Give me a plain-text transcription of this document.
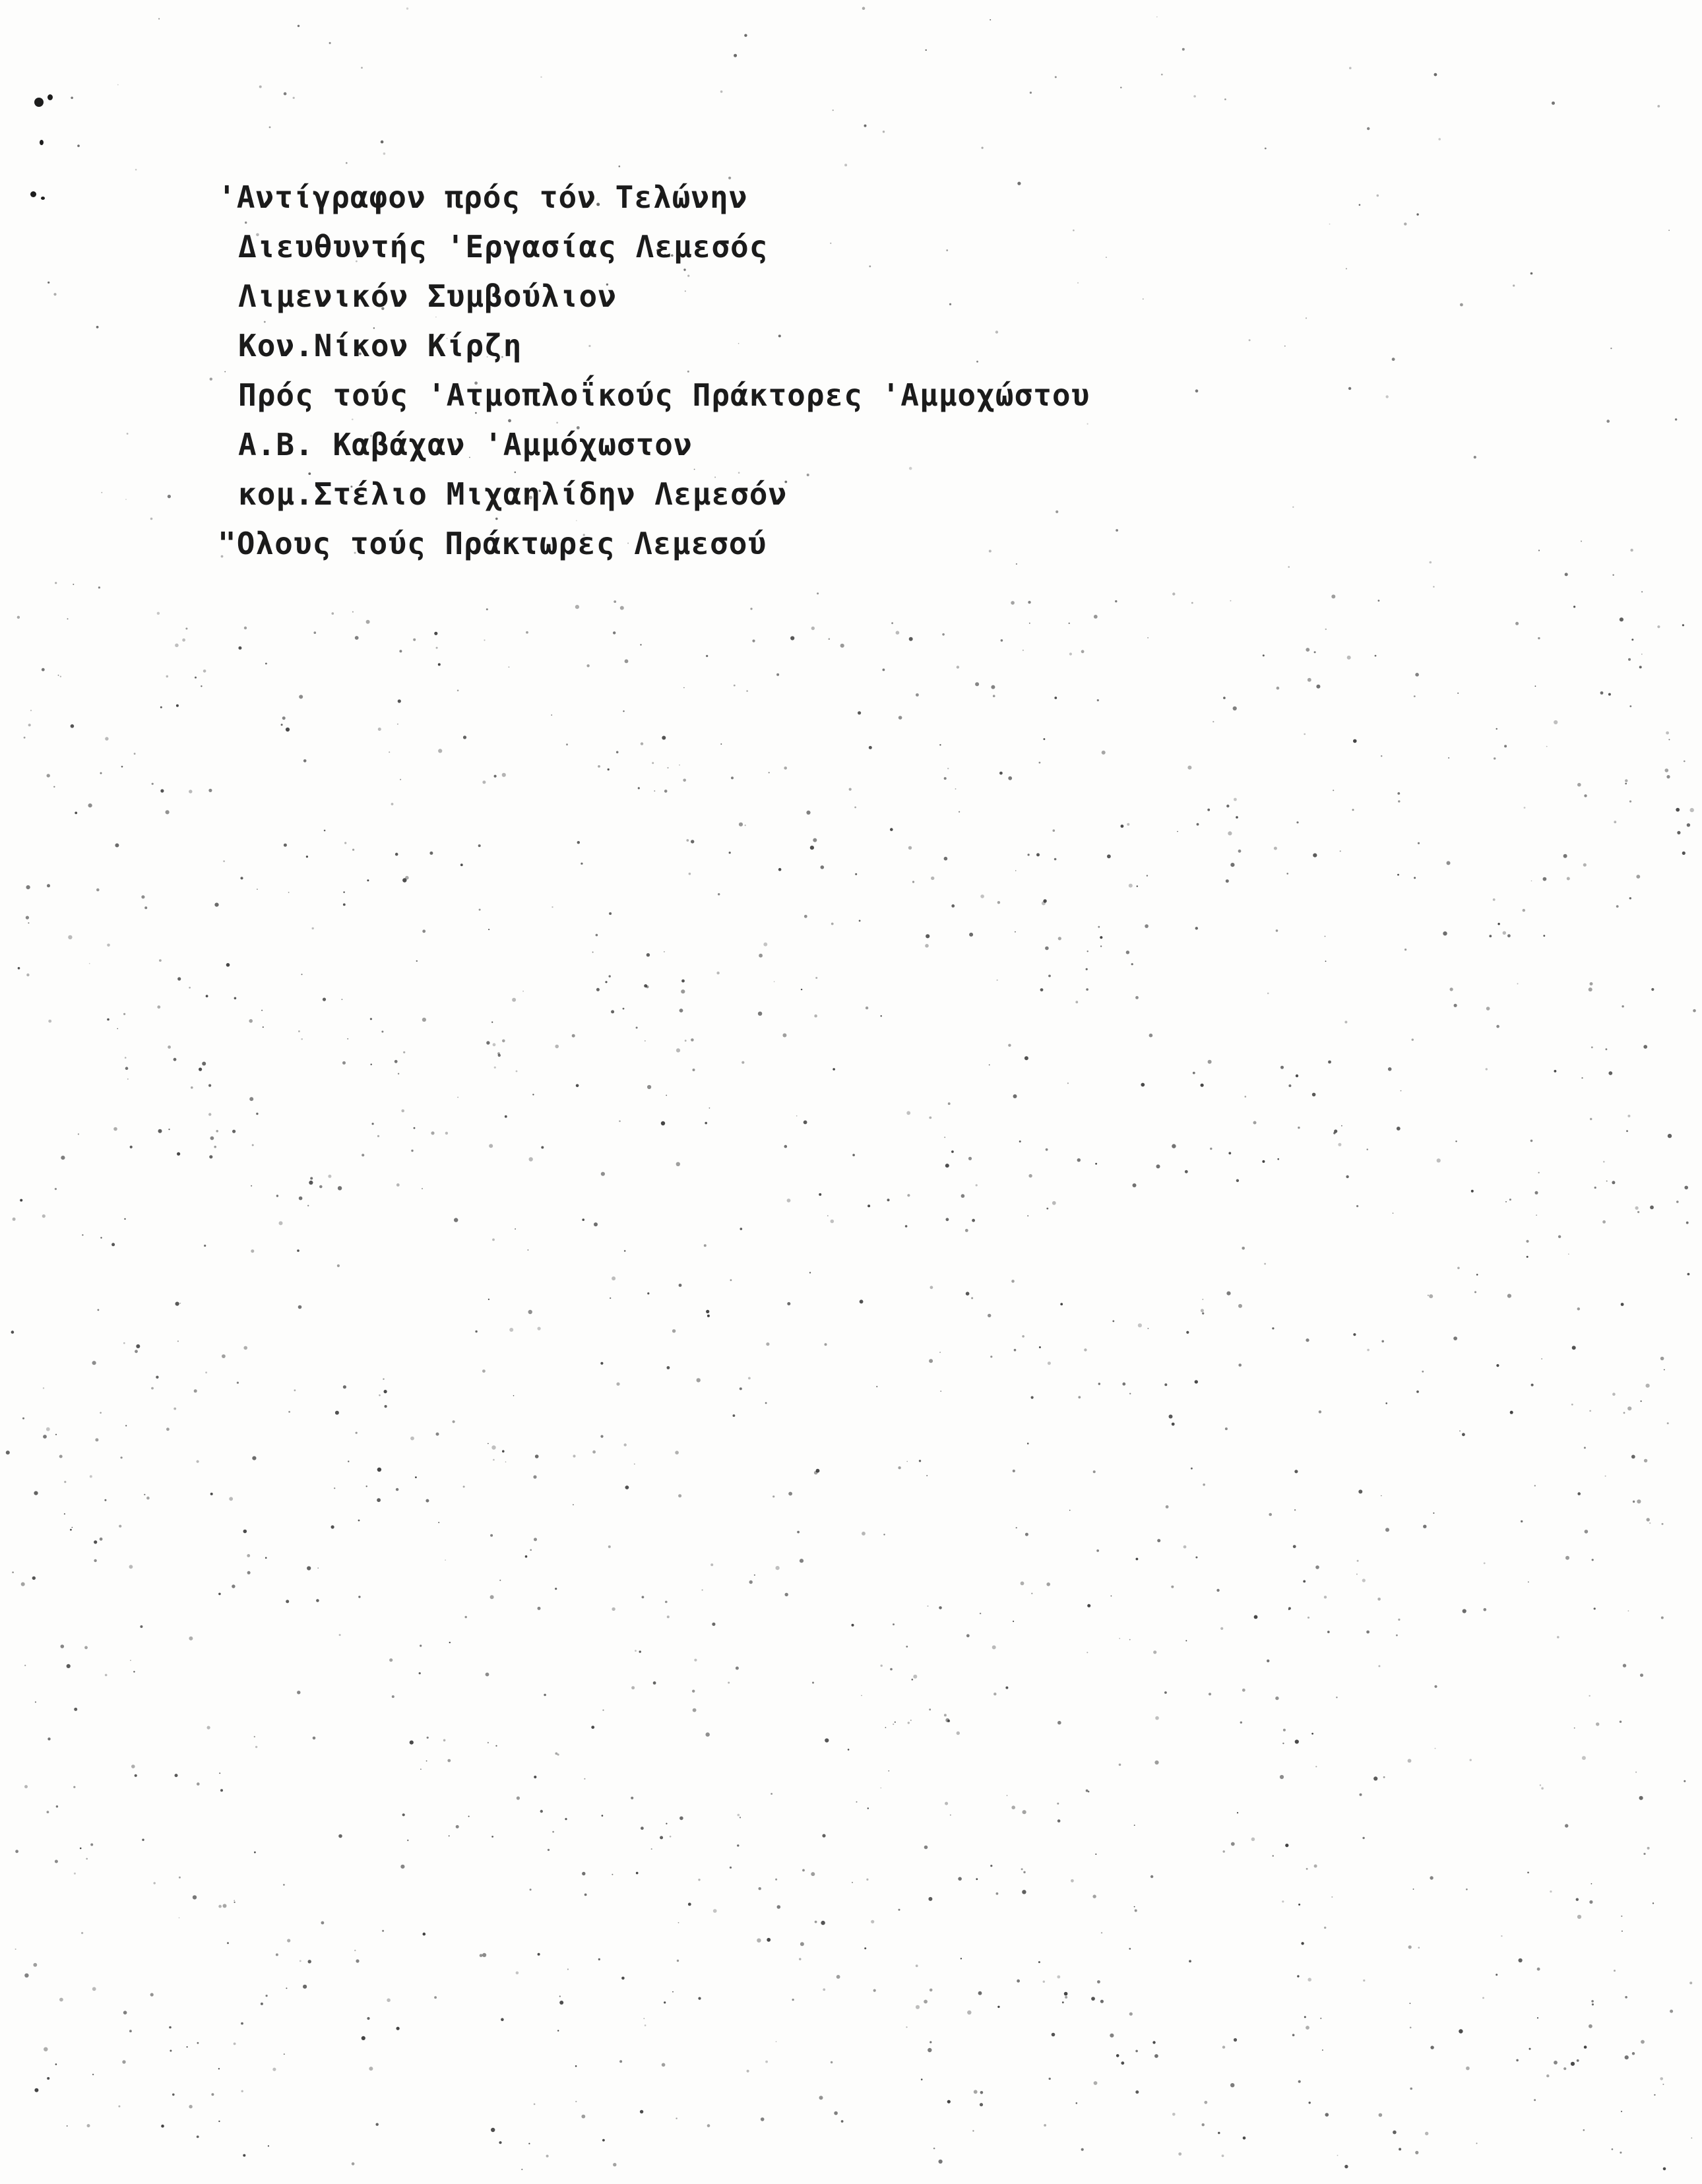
'Αντίγραφον πρός τόν Τελώνην
Διευθυντής 'Εργασίας Λεμεσός
Λιμενικόν Συμβούλιον
Κον.Νίκον Κίρζη
Πρός τούς 'Ατμοπλοΐκούς Πράκτορες 'Αμμοχώστου
Α.Β. Καβάχαν 'Αμμόχωστον
κομ.Στέλιο Μιχαηλίδην Λεμεσόν
"Ολους τούς Πράκτωρες Λεμεσού
